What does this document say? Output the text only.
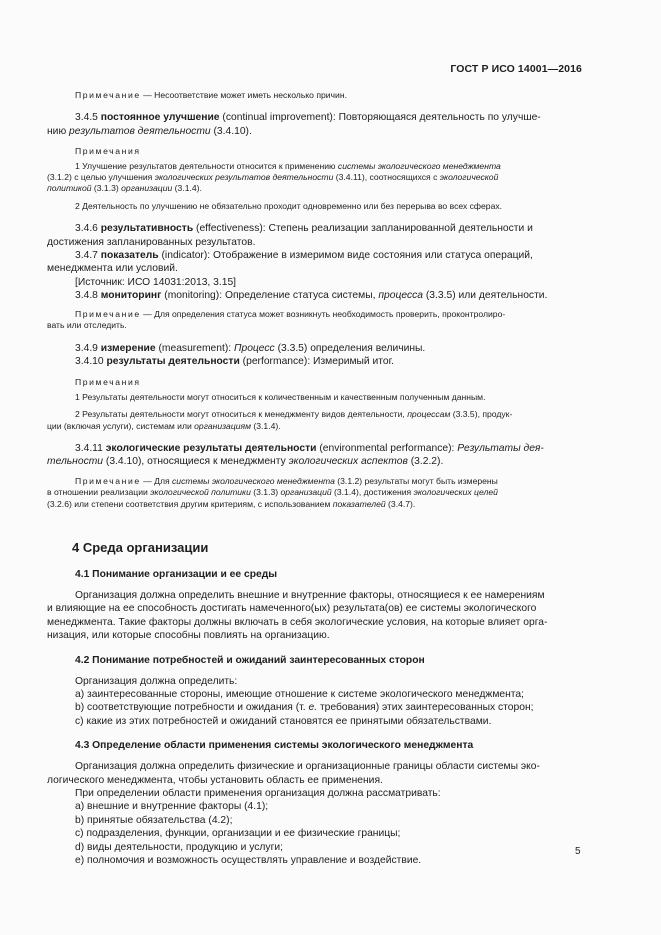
ГОСТ Р ИСО 14001—2016

Примечание — Несоответствие может иметь несколько причин.

3.4.5 постоянное улучшение (continual improvement): Повторяющаяся деятельность по улучше-

нию результатов деятельности (3.4.10).

Примечания

1 Улучшение результатов деятельности относится к применению системы экологического менеджмента

(3.1.2) с целью улучшения экологических результатов деятельности (3.4.11), соотносящихся с экологической

политикой (3.1.3) организации (3.1.4).

2 Деятельность по улучшению не обязательно проходит одновременно или без перерыва во всех сферах.

3.4.6 результативность (effectiveness): Степень реализации запланированной деятельности и

достижения запланированных результатов.

3.4.7 показатель (indicator): Отображение в измеримом виде состояния или статуса операций,

менеджмента или условий.

[Источник: ИСО 14031:2013, 3.15]

3.4.8 мониторинг (monitoring): Определение статуса системы, процесса (3.3.5) или деятельности.

Примечание — Для определения статуса может возникнуть необходимость проверить, проконтролиро-

вать или отследить.

3.4.9 измерение (measurement): Процесс (3.3.5) определения величины.

3.4.10 результаты деятельности (performance): Измеримый итог.

Примечания

1 Результаты деятельности могут относиться к количественным и качественным полученным данным.

2 Результаты деятельности могут относиться к менеджменту видов деятельности, процессам (3.3.5), продук-

ции (включая услуги), системам или организациям (3.1.4).

3.4.11 экологические результаты деятельности (environmental performance): Результаты дея-

тельности (3.4.10), относящиеся к менеджменту экологических аспектов (3.2.2).

Примечание — Для системы экологического менеджмента (3.1.2) результаты могут быть измерены

в отношении реализации экологической политики (3.1.3) организаций (3.1.4), достижения экологических целей

(3.2.6) или степени соответствия другим критериям, с использованием показателей (3.4.7).

4 Среда организации

4.1 Понимание организации и ее среды

Организация должна определить внешние и внутренние факторы, относящиеся к ее намерениям

и влияющие на ее способность достигать намеченного(ых) результата(ов) ее системы экологического

менеджмента. Такие факторы должны включать в себя экологические условия, на которые влияет орга-

низация, или которые способны повлиять на организацию.

4.2 Понимание потребностей и ожиданий заинтересованных сторон

Организация должна определить:

a) заинтересованные стороны, имеющие отношение к системе экологического менеджмента;

b) соответствующие потребности и ожидания (т. е. требования) этих заинтересованных сторон;

c) какие из этих потребностей и ожиданий становятся ее принятыми обязательствами.

4.3 Определение области применения системы экологического менеджмента

Организация должна определить физические и организационные границы области системы эко-

логического менеджмента, чтобы установить область ее применения.

При определении области применения организация должна рассматривать:

a) внешние и внутренние факторы (4.1);

b) принятые обязательства (4.2);

c) подразделения, функции, организации и ее физические границы;

d) виды деятельности, продукцию и услуги;

e) полномочия и возможность осуществлять управление и воздействие.

5
